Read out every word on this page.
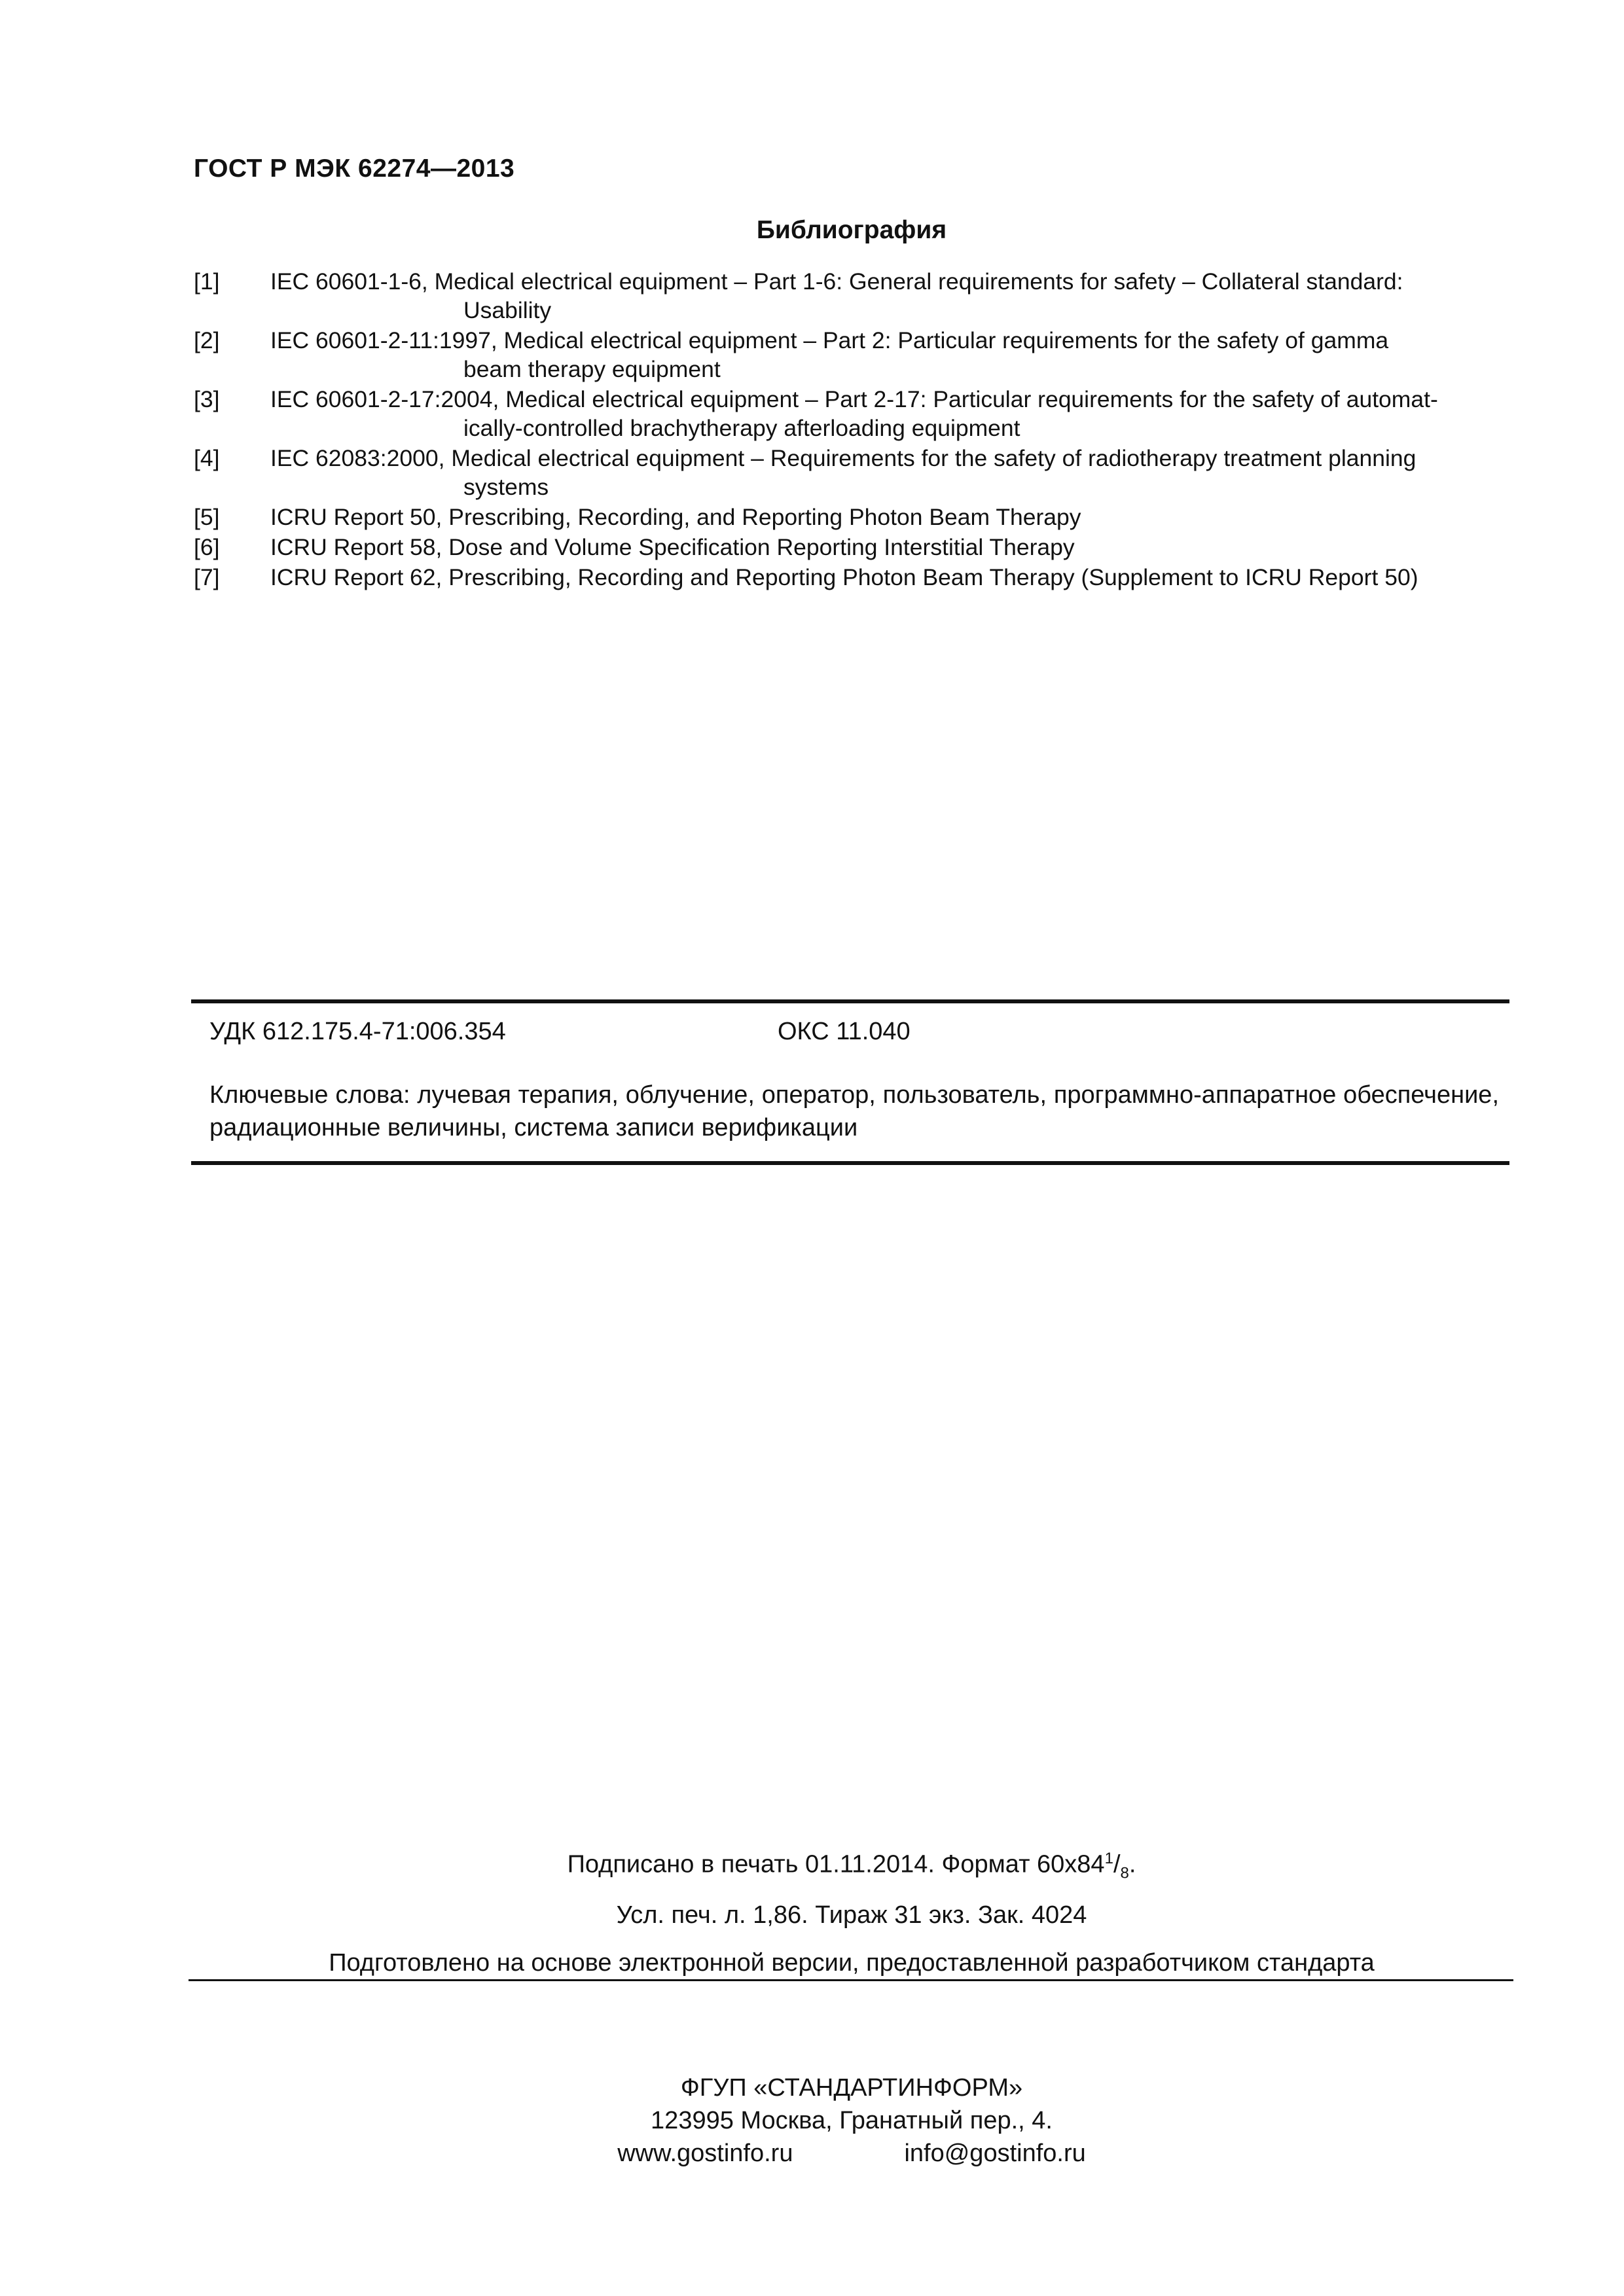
ГОСТ Р МЭК 62274—2013
Библиография
[1] IEC 60601-1-6, Medical electrical equipment – Part 1-6: General requirements for safety – Collateral standard:
Usability
[2] IEC 60601-2-11:1997, Medical electrical equipment – Part 2: Particular requirements for the safety of gamma
beam therapy equipment
[3] IEC 60601-2-17:2004, Medical electrical equipment – Part 2-17: Particular requirements for the safety of automat-
ically-controlled brachytherapy afterloading equipment
[4] IEC 62083:2000, Medical electrical equipment – Requirements for the safety of radiotherapy treatment planning
systems
[5] ICRU Report 50, Prescribing, Recording, and Reporting Photon Beam Therapy
[6] ICRU Report 58, Dose and Volume Specification Reporting Interstitial Therapy
[7] ICRU Report 62, Prescribing, Recording and Reporting Photon Beam Therapy (Supplement to ICRU Report 50)
УДК 612.175.4-71:006.354	ОКС 11.040
Ключевые слова: лучевая терапия, облучение, оператор, пользователь, программно-аппаратное обеспечение, радиационные величины, система записи верификации
Подписано в печать 01.11.2014. Формат $60х84^1/_8$.
Усл. печ. л. 1,86. Тираж 31 экз. Зак. 4024
Подготовлено на основе электронной версии, предоставленной разработчиком стандарта
ФГУП «СТАНДАРТИНФОРМ»
123995 Москва, Гранатный пер., 4.
www.gostinfo.ru	info@gostinfo.ru
